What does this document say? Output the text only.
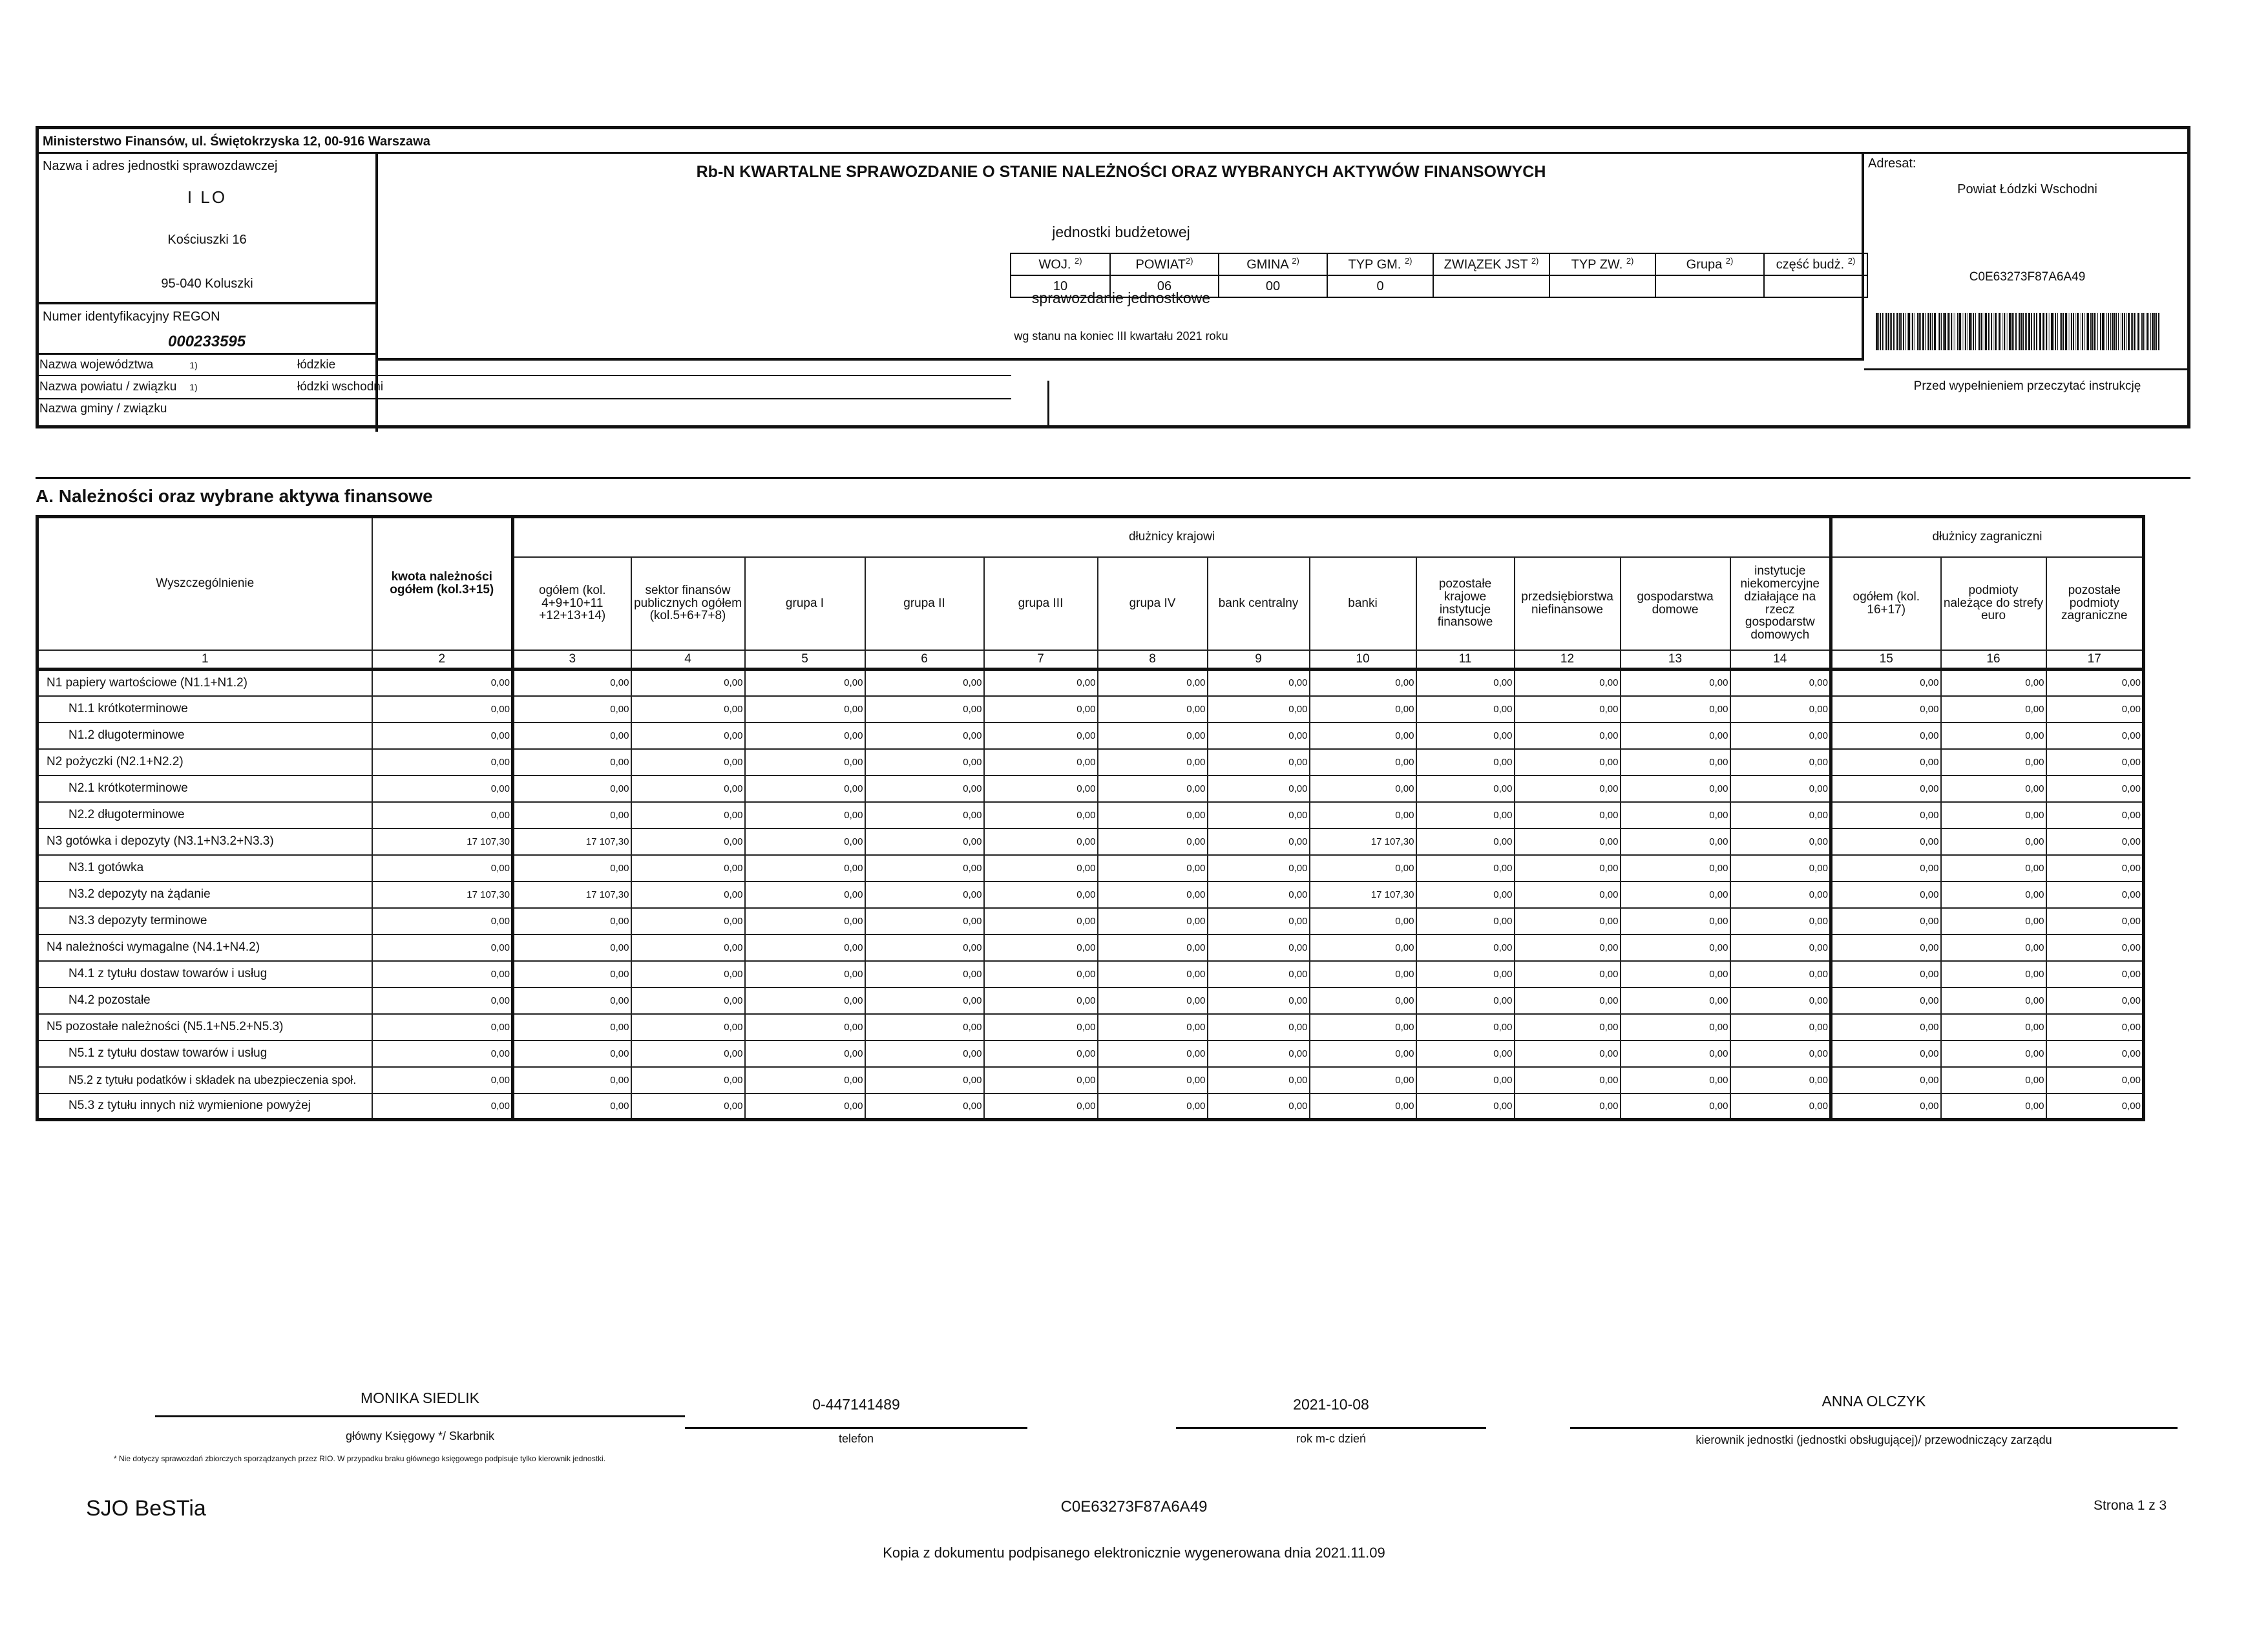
Ministerstwo Finansów, ul. Świętokrzyska 12, 00-916 Warszawa
Nazwa i adres jednostki sprawozdawczej
I LO
Kościuszki 16
95-040 Koluszki
Numer identyfikacyjny REGON
000233595
Rb-N KWARTALNE SPRAWOZDANIE O STANIE NALEŻNOŚCI ORAZ WYBRANYCH AKTYWÓW FINANSOWYCH
jednostki budżetowej
sprawozdanie jednostkowe
wg stanu na koniec III kwartału 2021 roku
Adresat:
Powiat Łódzki Wschodni
C0E63273F87A6A49
Przed wypełnieniem przeczytać instrukcję
Nazwa województwa	1)	łódzkie
Nazwa powiatu / związku 1)	łódzki wschodni
Nazwa gminy / związku
WOJ. $^{2)}$	POWIAT$^{2)}$	GMINA $^{2)}$	TYP GM. $^{2)}$	ZWIĄZEK JST $^{2)}$	TYP ZW. $^{2)}$	Grupa $^{2)}$	część budż. $^{2)}$
10	06	00	0				
A. Należności oraz wybrane aktywa finansowe
Wyszczególnienie	kwota należności ogółem (kol.3+15)	dłużnicy krajowi												dłużnicy zagraniczni		
		ogółem (kol. 4+9+10+11 +12+13+14)	sektor finansów publicznych ogółem (kol.5+6+7+8)	grupa I	grupa II	grupa III	grupa IV	bank centralny	banki	pozostałe krajowe instytucje finansowe	przedsiębiorstwa niefinansowe	gospodarstwa domowe	instytucje niekomercyjne działające na rzecz gospodarstw domowych	ogółem (kol. 16+17)	podmioty należące do strefy euro	pozostałe podmioty zagraniczne
1	2	3	4	5	6	7	8	9	10	11	12	13	14	15	16	17
N1 papiery wartościowe (N1.1+N1.2)	0,00	0,00	0,00	0,00	0,00	0,00	0,00	0,00	0,00	0,00	0,00	0,00	0,00	0,00	0,00	0,00
N1.1 krótkoterminowe	0,00	0,00	0,00	0,00	0,00	0,00	0,00	0,00	0,00	0,00	0,00	0,00	0,00	0,00	0,00	0,00
N1.2 długoterminowe	0,00	0,00	0,00	0,00	0,00	0,00	0,00	0,00	0,00	0,00	0,00	0,00	0,00	0,00	0,00	0,00
N2 pożyczki (N2.1+N2.2)	0,00	0,00	0,00	0,00	0,00	0,00	0,00	0,00	0,00	0,00	0,00	0,00	0,00	0,00	0,00	0,00
N2.1 krótkoterminowe	0,00	0,00	0,00	0,00	0,00	0,00	0,00	0,00	0,00	0,00	0,00	0,00	0,00	0,00	0,00	0,00
N2.2 długoterminowe	0,00	0,00	0,00	0,00	0,00	0,00	0,00	0,00	0,00	0,00	0,00	0,00	0,00	0,00	0,00	0,00
N3 gotówka i depozyty (N3.1+N3.2+N3.3)	17 107,30	17 107,30	0,00	0,00	0,00	0,00	0,00	0,00	17 107,30	0,00	0,00	0,00	0,00	0,00	0,00	0,00
N3.1 gotówka	0,00	0,00	0,00	0,00	0,00	0,00	0,00	0,00	0,00	0,00	0,00	0,00	0,00	0,00	0,00	0,00
N3.2 depozyty na żądanie	17 107,30	17 107,30	0,00	0,00	0,00	0,00	0,00	0,00	17 107,30	0,00	0,00	0,00	0,00	0,00	0,00	0,00
N3.3 depozyty terminowe	0,00	0,00	0,00	0,00	0,00	0,00	0,00	0,00	0,00	0,00	0,00	0,00	0,00	0,00	0,00	0,00
N4 należności wymagalne (N4.1+N4.2)	0,00	0,00	0,00	0,00	0,00	0,00	0,00	0,00	0,00	0,00	0,00	0,00	0,00	0,00	0,00	0,00
N4.1 z tytułu dostaw towarów i usług	0,00	0,00	0,00	0,00	0,00	0,00	0,00	0,00	0,00	0,00	0,00	0,00	0,00	0,00	0,00	0,00
N4.2 pozostałe	0,00	0,00	0,00	0,00	0,00	0,00	0,00	0,00	0,00	0,00	0,00	0,00	0,00	0,00	0,00	0,00
N5 pozostałe należności (N5.1+N5.2+N5.3)	0,00	0,00	0,00	0,00	0,00	0,00	0,00	0,00	0,00	0,00	0,00	0,00	0,00	0,00	0,00	0,00
N5.1 z tytułu dostaw towarów i usług	0,00	0,00	0,00	0,00	0,00	0,00	0,00	0,00	0,00	0,00	0,00	0,00	0,00	0,00	0,00	0,00
N5.2 z tytułu podatków i składek na ubezpieczenia społ.	0,00	0,00	0,00	0,00	0,00	0,00	0,00	0,00	0,00	0,00	0,00	0,00	0,00	0,00	0,00	0,00
N5.3 z tytułu innych niż wymienione powyżej	0,00	0,00	0,00	0,00	0,00	0,00	0,00	0,00	0,00	0,00	0,00	0,00	0,00	0,00	0,00	0,00
MONIKA SIEDLIK
główny Księgowy */ Skarbnik
0-447141489
telefon
2021-10-08
rok m-c dzień
ANNA OLCZYK
kierownik jednostki (jednostki obsługującej)/ przewodniczący zarządu
* Nie dotyczy sprawozdań zbiorczych sporządzanych przez RIO. W przypadku braku głównego księgowego podpisuje tylko kierownik jednostki.
SJO BeSTia	C0E63273F87A6A49	Strona 1 z 3
Kopia z dokumentu podpisanego elektronicznie wygenerowana dnia 2021.11.09
